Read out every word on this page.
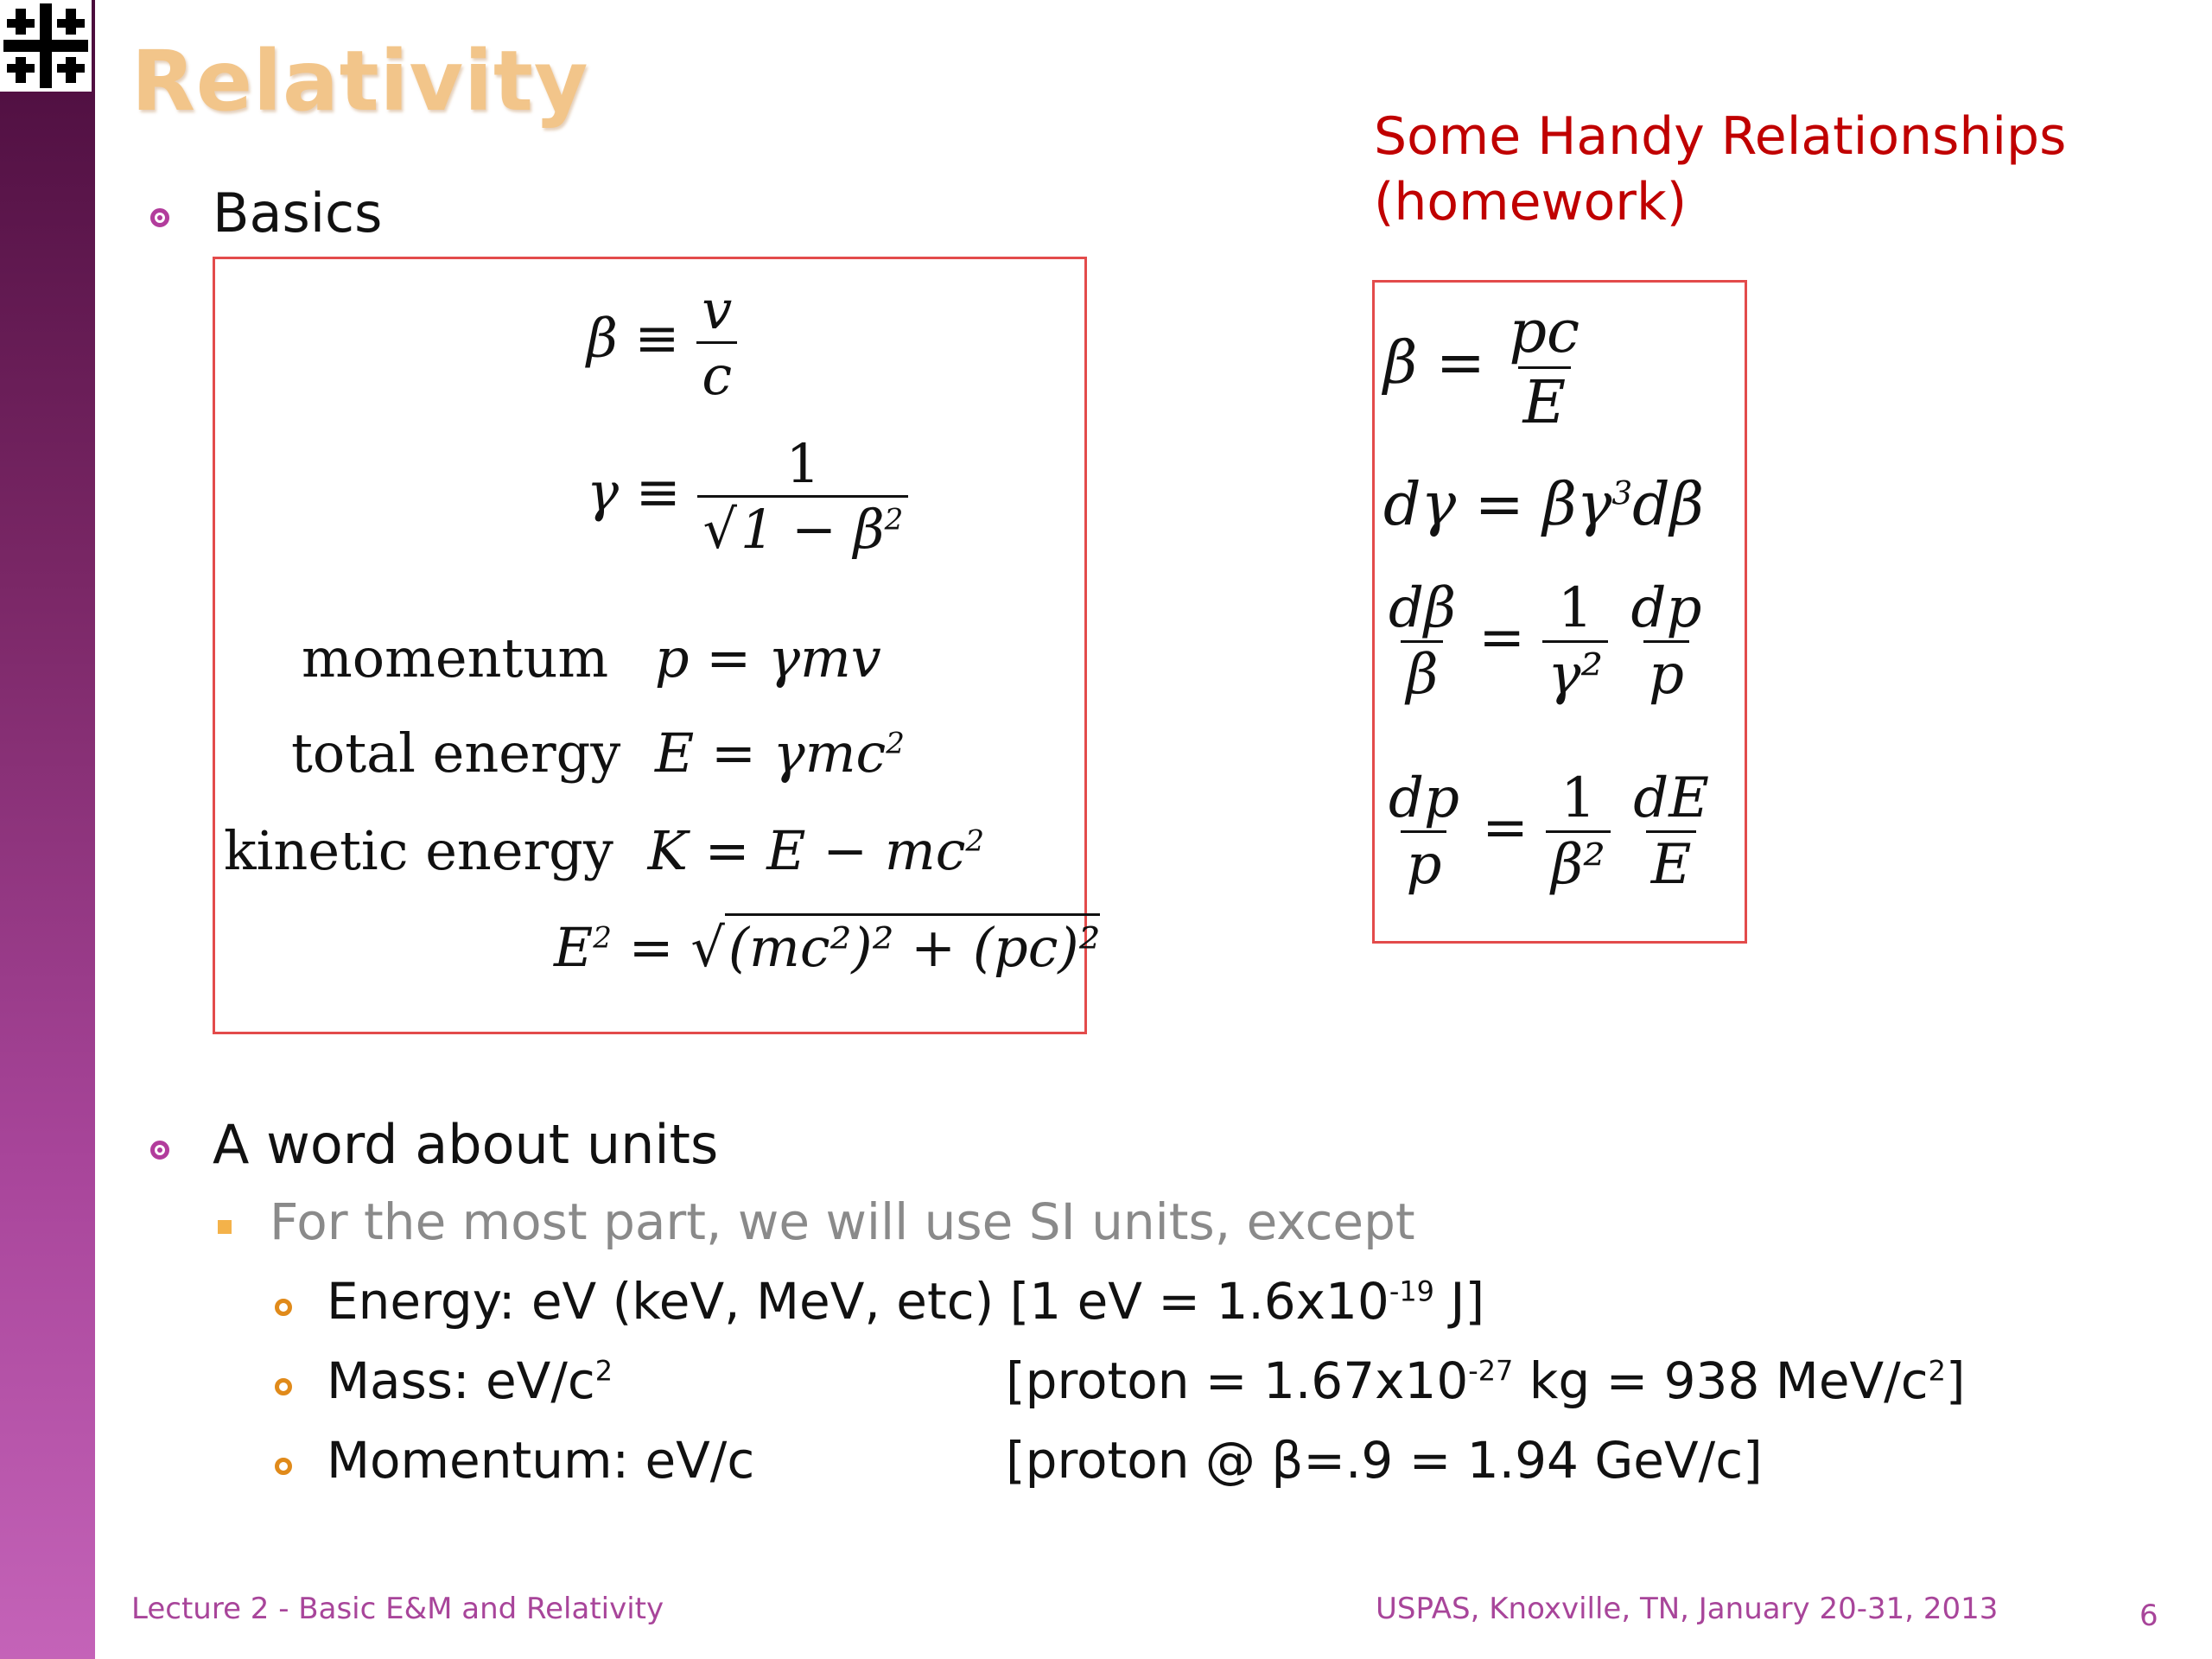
Relativity
Basics
Some Handy Relationships
(homework)
$\beta \equiv \frac{v}{c}$
$\gamma \equiv \frac{1}{√1 - \beta^2}$
momentum p = γmv
total energy E = γmc$^2$
kinetic energy $K = E - mc^2$
$E^2 = √(mc^2)^2 + (pc)^2$
$\beta = \frac{pc}{E}$
$d\gamma = \beta\gamma^3d\beta$
$\frac{d\beta}{\beta} = \frac{1}{\text{γ²}}$
$\frac{dp}{p}$
$\frac{dp}{p} = \frac{1}{\text{β²}}$
$\frac{dE}{E}$
A word about units
For the most part, we will use SI units, except
Energy: eV (keV, MeV, etc) [1 eV = $1.6x10^{-19}$ J]
Mass: $eV/c^2$	[proton = $1.67x10^{-27}$ kg = 938 MeV/$c^2$]
Momentum: eV/c	[proton @ β=.9 = 1.94 GeV/c]
Lecture 2 - Basic E&M and Relativity	USPAS, Knoxville, TN, January 20-31, 2013	6
